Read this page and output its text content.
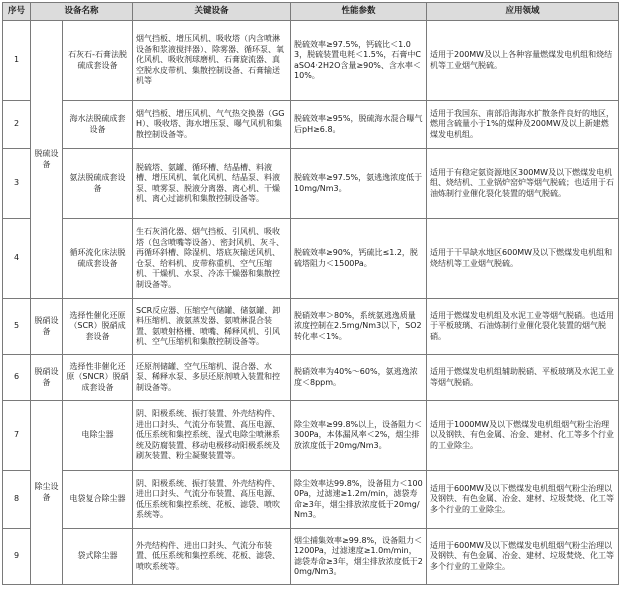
序号	设备名称		关键设备	性能参数	应用领域
1	脱硫设备	石灰石-石膏法脱硫成套设备	烟气挡板、增压风机、吸收塔（内含喷淋设备和浆液搅拌器）、除雾器、循环泵、氧化风机、吸收剂球磨机、石膏旋流器、真空脱水皮带机、集散控制设备、石膏输送机等	脱硫效率≥97.5%，钙硫比＜1.03，脱硫装置电耗＜1.5%，石膏中CaSO4·2H2O含量≥90%、含水率＜10%。	适用于200MW及以上各种容量燃煤发电机组和烧结机等工业烟气脱硫。
2		海水法脱硫成套设备	烟气挡板、增压风机、气气热交换器（GGH）、吸收塔、海水增压泵、曝气风机和集散控制设备等。	脱硫效率≥95%，脱硫海水混合曝气后pH≥6.8。	适用于我国东、南部沿海海水扩散条件良好的地区，燃用含硫量小于1%的煤种及200MW及以上新建燃煤发电机组。
3		氨法脱硫成套设备	脱硫塔、氨罐、循环槽、结晶槽、料液槽、增压风机、氧化风机、结晶泵、料液泵、喷雾泵、脱液分离器、离心机、干燥机、离心过滤机和集散控制设备等。	脱硫效率≥97.5%，氨逃逸浓度低于10mg/Nm3。	适用于有稳定氨资源地区300MW及以下燃煤发电机组、烧结机、工业锅炉窑炉等烟气脱硫；也适用于石油炼制行业催化裂化装置的烟气脱硫。
4		循环流化床法脱硫成套设备	生石灰消化器、烟气挡板、引风机、吸收塔（包含喷嘴等设备）、密封风机、灰斗、再循环斜槽、除湿机、塔底灰输送风机、仓泵、给料机、皮带称重机、空气压缩机、干燥机、水泵、冷冻干燥器和集散控制设备等。	脱硫效率≥90%，钙硫比≤1.2，脱硫塔阻力＜1500Pa。	适用于干旱缺水地区600MW及以下燃煤发电机组和烧结机等工业烟气脱硫。
5	脱硝设备	选择性催化还原（SCR）脱硝成套设备	SCR反应器、压缩空气储罐、储氨罐、卸料压缩机、液氨蒸发器、氨喷淋混合装置、氨喷射格栅、喷嘴、稀释风机、引风机、空气压缩机和集散控制设备等。	脱硝效率＞80%，系统氨逃逸质量浓度控制在2.5mg/Nm3以下，SO2转化率＜1%。	适用于燃煤发电机组及水泥工业等烟气脱硝。也适用于平板玻璃、石油炼制行业催化裂化装置的烟气脱硝。
6	脱硝设备	选择性非催化还原（SNCR）脱硝成套设备	还原剂储罐、空气压缩机、混合器、水泵、稀释水泵、多层还原剂喷入装置和控制设备等。	脱硝效率为40%～60%，氨逃逸浓度＜8ppm。	适用于燃煤发电机组辅助脱硝、平板玻璃及水泥工业等烟气脱硝。
7	除尘设备	电除尘器	阴、阳极系统、振打装置、外壳结构件、进出口封头、气流分布装置、高压电源、低压系统和集控系统、湿式电除尘喷淋系统及防腐装置、移动电极移动阳极系统及刷灰装置、粉尘凝聚装置等。	除尘效率≥99.8%以上，设备阻力＜300Pa，本体漏风率＜2%，烟尘排放浓度低于20mg/Nm3。	适用于1000MW及以下燃煤发电机组烟气粉尘治理以及钢铁、有色金属、冶金、建材、化工等多个行业的工业除尘。
8		电袋复合除尘器	阴、阳极系统、振打装置、外壳结构件、进出口封头、气流分布装置、高压电源、低压系统和集控系统、花板、滤袋、喷吹系统等。	除尘效率达99.8%，设备阻力＜1000Pa，过滤速≥1.2m/min，滤袋寿命≥3年，烟尘排放浓度低于20mg/Nm3。	适用于600MW及以下燃煤发电机组烟气粉尘治理以及钢铁、有色金属、冶金、建材、垃圾焚烧、化工等多个行业的工业除尘。
9		袋式除尘器	外壳结构件、进出口封头、气流分布装置、低压系统和集控系统、花板、滤袋、喷吹系统等。	烟尘捕集效率≥99.8%，设备阻力＜1200Pa，过滤速度≥1.0m/min，滤袋寿命≥3年，烟尘排放浓度低于20mg/Nm3。	适用于600MW及以下燃煤发电机组烟气粉尘治理以及钢铁、有色金属、冶金、建材、垃圾焚烧、化工等多个行业的工业除尘。
